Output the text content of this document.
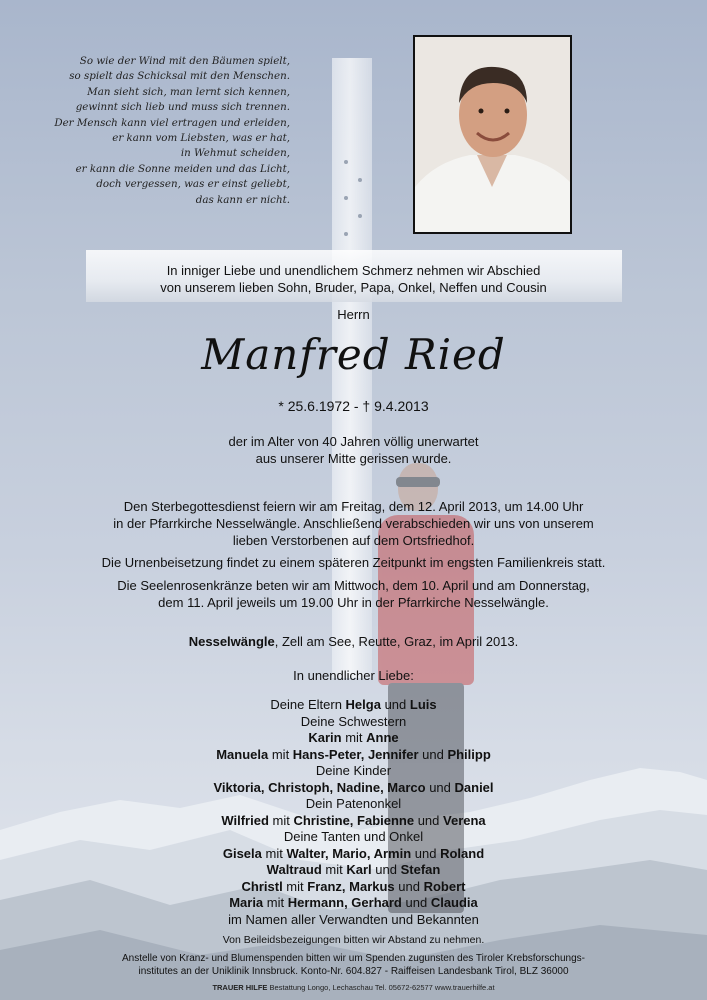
So wie der Wind mit den Bäumen spielt,
so spielt das Schicksal mit den Menschen.
Man sieht sich, man lernt sich kennen,
gewinnt sich lieb und muss sich trennen.
Der Mensch kann viel ertragen und erleiden,
er kann vom Liebsten, was er hat,
in Wehmut scheiden,
er kann die Sonne meiden und das Licht,
doch vergessen, was er einst geliebt,
das kann er nicht.
In inniger Liebe und unendlichem Schmerz nehmen wir Abschied
von unserem lieben Sohn, Bruder, Papa, Onkel, Neffen und Cousin
Herrn
Manfred Ried
* 25.6.1972 - † 9.4.2013
der im Alter von 40 Jahren völlig unerwartet
aus unserer Mitte gerissen wurde.
Den Sterbegottesdienst feiern wir am Freitag, dem 12. April 2013, um 14.00 Uhr
in der Pfarrkirche Nesselwängle. Anschließend verabschieden wir uns von unserem
lieben Verstorbenen auf dem Ortsfriedhof.
Die Urnenbeisetzung findet zu einem späteren Zeitpunkt im engsten Familienkreis statt.
Die Seelenrosenkränze beten wir am Mittwoch, dem 10. April und am Donnerstag,
dem 11. April jeweils um 19.00 Uhr in der Pfarrkirche Nesselwängle.
Nesselwängle, Zell am See, Reutte, Graz, im April 2013.
In unendlicher Liebe:
Deine Eltern Helga und Luis
Deine Schwestern
Karin mit Anne
Manuela mit Hans-Peter, Jennifer und Philipp
Deine Kinder
Viktoria, Christoph, Nadine, Marco und Daniel
Dein Patenonkel
Wilfried mit Christine, Fabienne und Verena
Deine Tanten und Onkel
Gisela mit Walter, Mario, Armin und Roland
Waltraud mit Karl und Stefan
Christl mit Franz, Markus und Robert
Maria mit Hermann, Gerhard und Claudia
im Namen aller Verwandten und Bekannten
Von Beileidsbezeigungen bitten wir Abstand zu nehmen.
Anstelle von Kranz- und Blumenspenden bitten wir um Spenden zugunsten des Tiroler Krebsforschungs-
institutes an der Uniklinik Innsbruck. Konto-Nr. 604.827 - Raiffeisen Landesbank Tirol, BLZ 36000
TRAUER HILFE Bestattung Longo, Lechaschau Tel. 05672-62577 www.trauerhilfe.at
